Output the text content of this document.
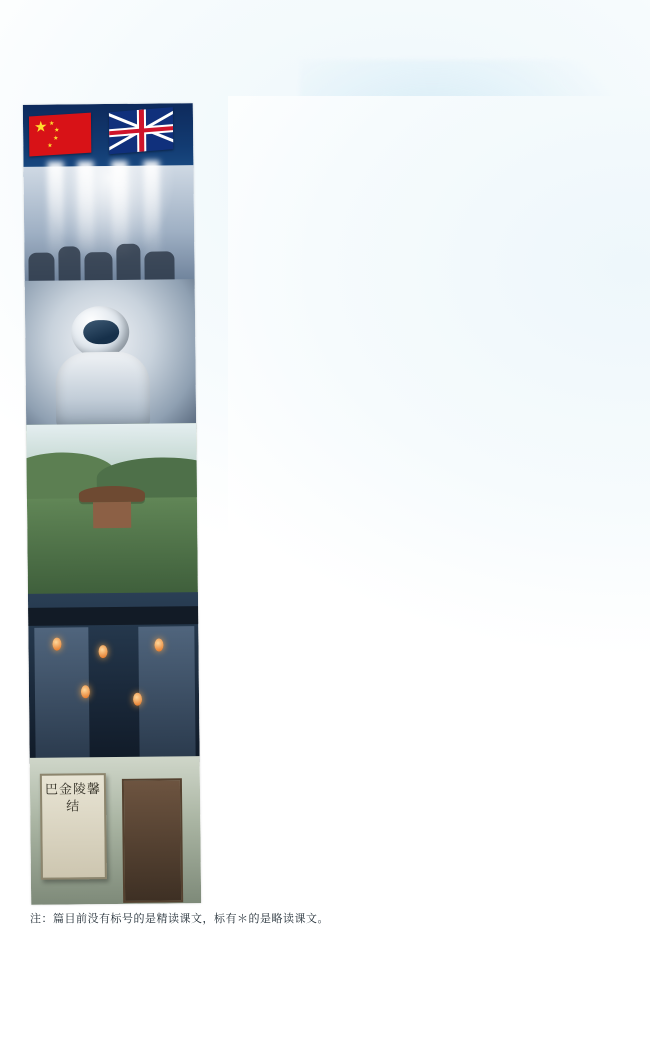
★ ★
★
★
★
巴金陵馨结
注：篇目前没有标号的是精读课文，标有＊的是略读课文。
